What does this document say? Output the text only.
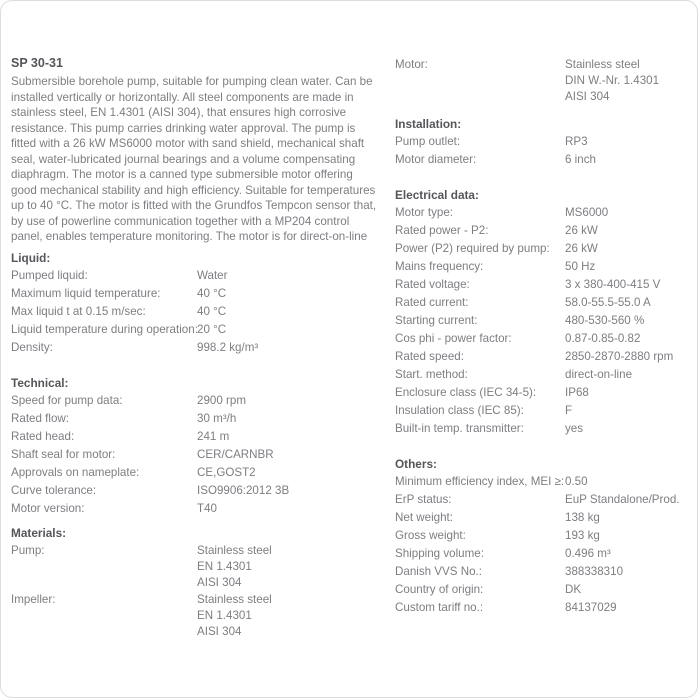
SP 30-31
Submersible borehole pump, suitable for pumping clean water. Can be installed vertically or horizontally. All steel components are made in stainless steel, EN 1.4301 (AISI 304), that ensures high corrosive resistance. This pump carries drinking water approval. The pump is fitted with a 26 kW MS6000 motor with sand shield, mechanical shaft seal, water-lubricated journal bearings and a volume compensating diaphragm. The motor is a canned type submersible motor offering good mechanical stability and high efficiency. Suitable for temperatures up to 40 °C. The motor is fitted with the Grundfos Tempcon sensor that, by use of powerline communication together with a MP204 control panel, enables temperature monitoring. The motor is for direct-on-line
Liquid:
Pumped liquid:	Water
Maximum liquid temperature:	40 °C
Max liquid t at 0.15 m/sec:	40 °C
Liquid temperature during operation: 20 °C
Density:	998.2 kg/m³
Technical:
Speed for pump data:	2900 rpm
Rated flow:	30 m³/h
Rated head:	241 m
Shaft seal for motor:	CER/CARNBR
Approvals on nameplate:	CE,GOST2
Curve tolerance:	ISO9906:2012 3B
Motor version:	T40
Materials:
Pump:	Stainless steel
EN 1.4301
AISI 304
Impeller:	Stainless steel
EN 1.4301
AISI 304
Motor:	Stainless steel
DIN W.-Nr. 1.4301
AISI 304
Installation:
Pump outlet:	RP3
Motor diameter:	6 inch
Electrical data:
Motor type:	MS6000
Rated power - P2:	26 kW
Power (P2) required by pump:	26 kW
Mains frequency:	50 Hz
Rated voltage:	3 x 380-400-415 V
Rated current:	58.0-55.5-55.0 A
Starting current:	480-530-560 %
Cos phi - power factor:	0.87-0.85-0.82
Rated speed:	2850-2870-2880 rpm
Start. method:	direct-on-line
Enclosure class (IEC 34-5):	IP68
Insulation class (IEC 85):	F
Built-in temp. transmitter:	yes
Others:
Minimum efficiency index, MEI ≥: 0.50
ErP status:	EuP Standalone/Prod.
Net weight:	138 kg
Gross weight:	193 kg
Shipping volume:	0.496 m³
Danish VVS No.:	388338310
Country of origin:	DK
Custom tariff no.:	84137029
